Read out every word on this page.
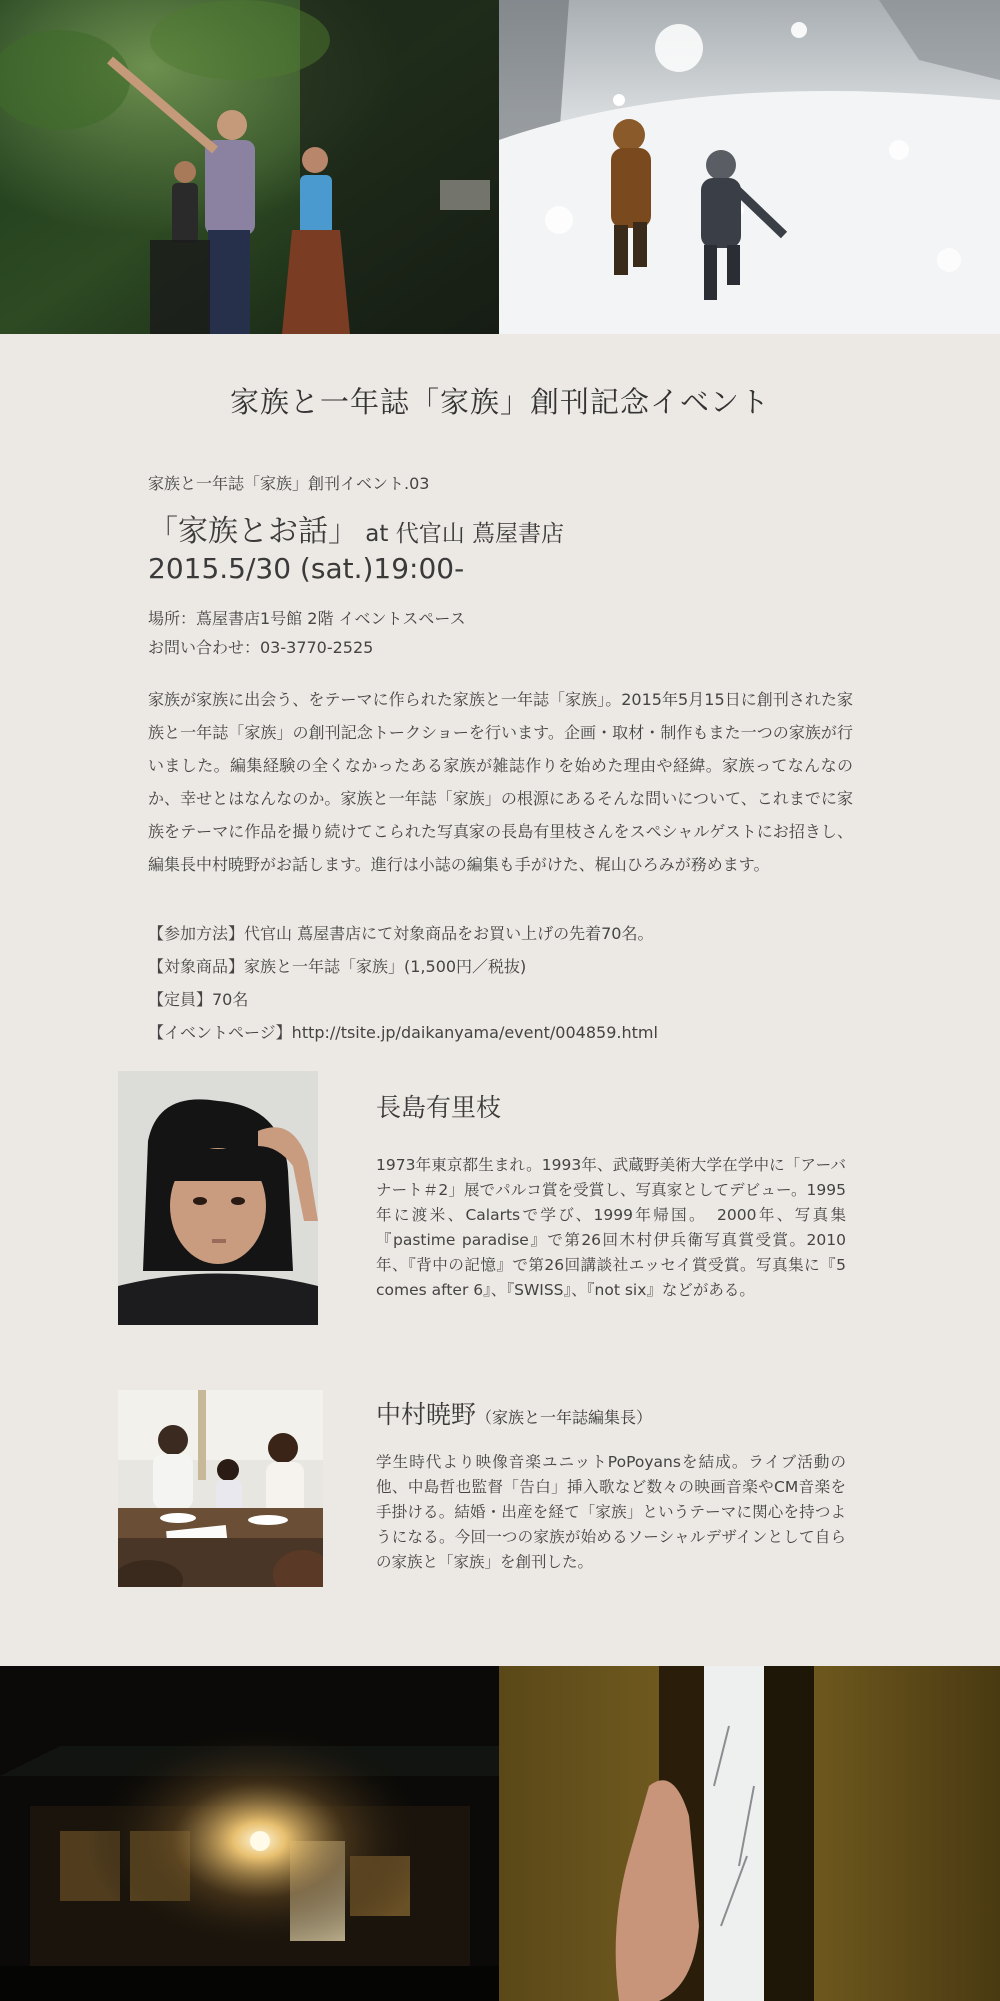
家族と一年誌「家族」創刊記念イベント
家族と一年誌「家族」創刊イベント.03
「家族とお話」 at 代官山 蔦屋書店
2015.5/30 (sat.)19:00-
場所：蔦屋書店1号館 2階 イベントスペース
お問い合わせ：03-3770-2525
家族が家族に出会う、をテーマに作られた家族と一年誌「家族」。2015年5月15日に創刊された家族と一年誌「家族」の創刊記念トークショーを行います。企画・取材・制作もまた一つの家族が行いました。編集経験の全くなかったある家族が雑誌作りを始めた理由や経緯。家族ってなんなのか、幸せとはなんなのか。家族と一年誌「家族」の根源にあるそんな問いについて、これまでに家族をテーマに作品を撮り続けてこられた写真家の長島有里枝さんをスペシャルゲストにお招きし、編集長中村暁野がお話します。進行は小誌の編集も手がけた、梶山ひろみが務めます。
【参加方法】代官山 蔦屋書店にて対象商品をお買い上げの先着70名。
【対象商品】家族と一年誌「家族」(1,500円／税抜)
【定員】70名
【イベントページ】http://tsite.jp/daikanyama/event/004859.html
長島有里枝
1973年東京都生まれ。1993年、武蔵野美術大学在学中に「アーバナート＃2」展でパルコ賞を受賞し、写真家としてデビュー。1995年に渡米、Calartsで学び、1999年帰国。　2000年、写真集『pastime paradise』で第26回木村伊兵衛写真賞受賞。2010年、『背中の記憶』で第26回講談社エッセイ賞受賞。写真集に『5 comes after 6』、『SWISS』、『not six』などがある。
中村暁野（家族と一年誌編集長）
学生時代より映像音楽ユニットPoPoyansを結成。ライブ活動の他、中島哲也監督「告白」挿入歌など数々の映画音楽やCM音楽を手掛ける。結婚・出産を経て「家族」というテーマに関心を持つようになる。今回一つの家族が始めるソーシャルデザインとして自らの家族と「家族」を創刊した。
